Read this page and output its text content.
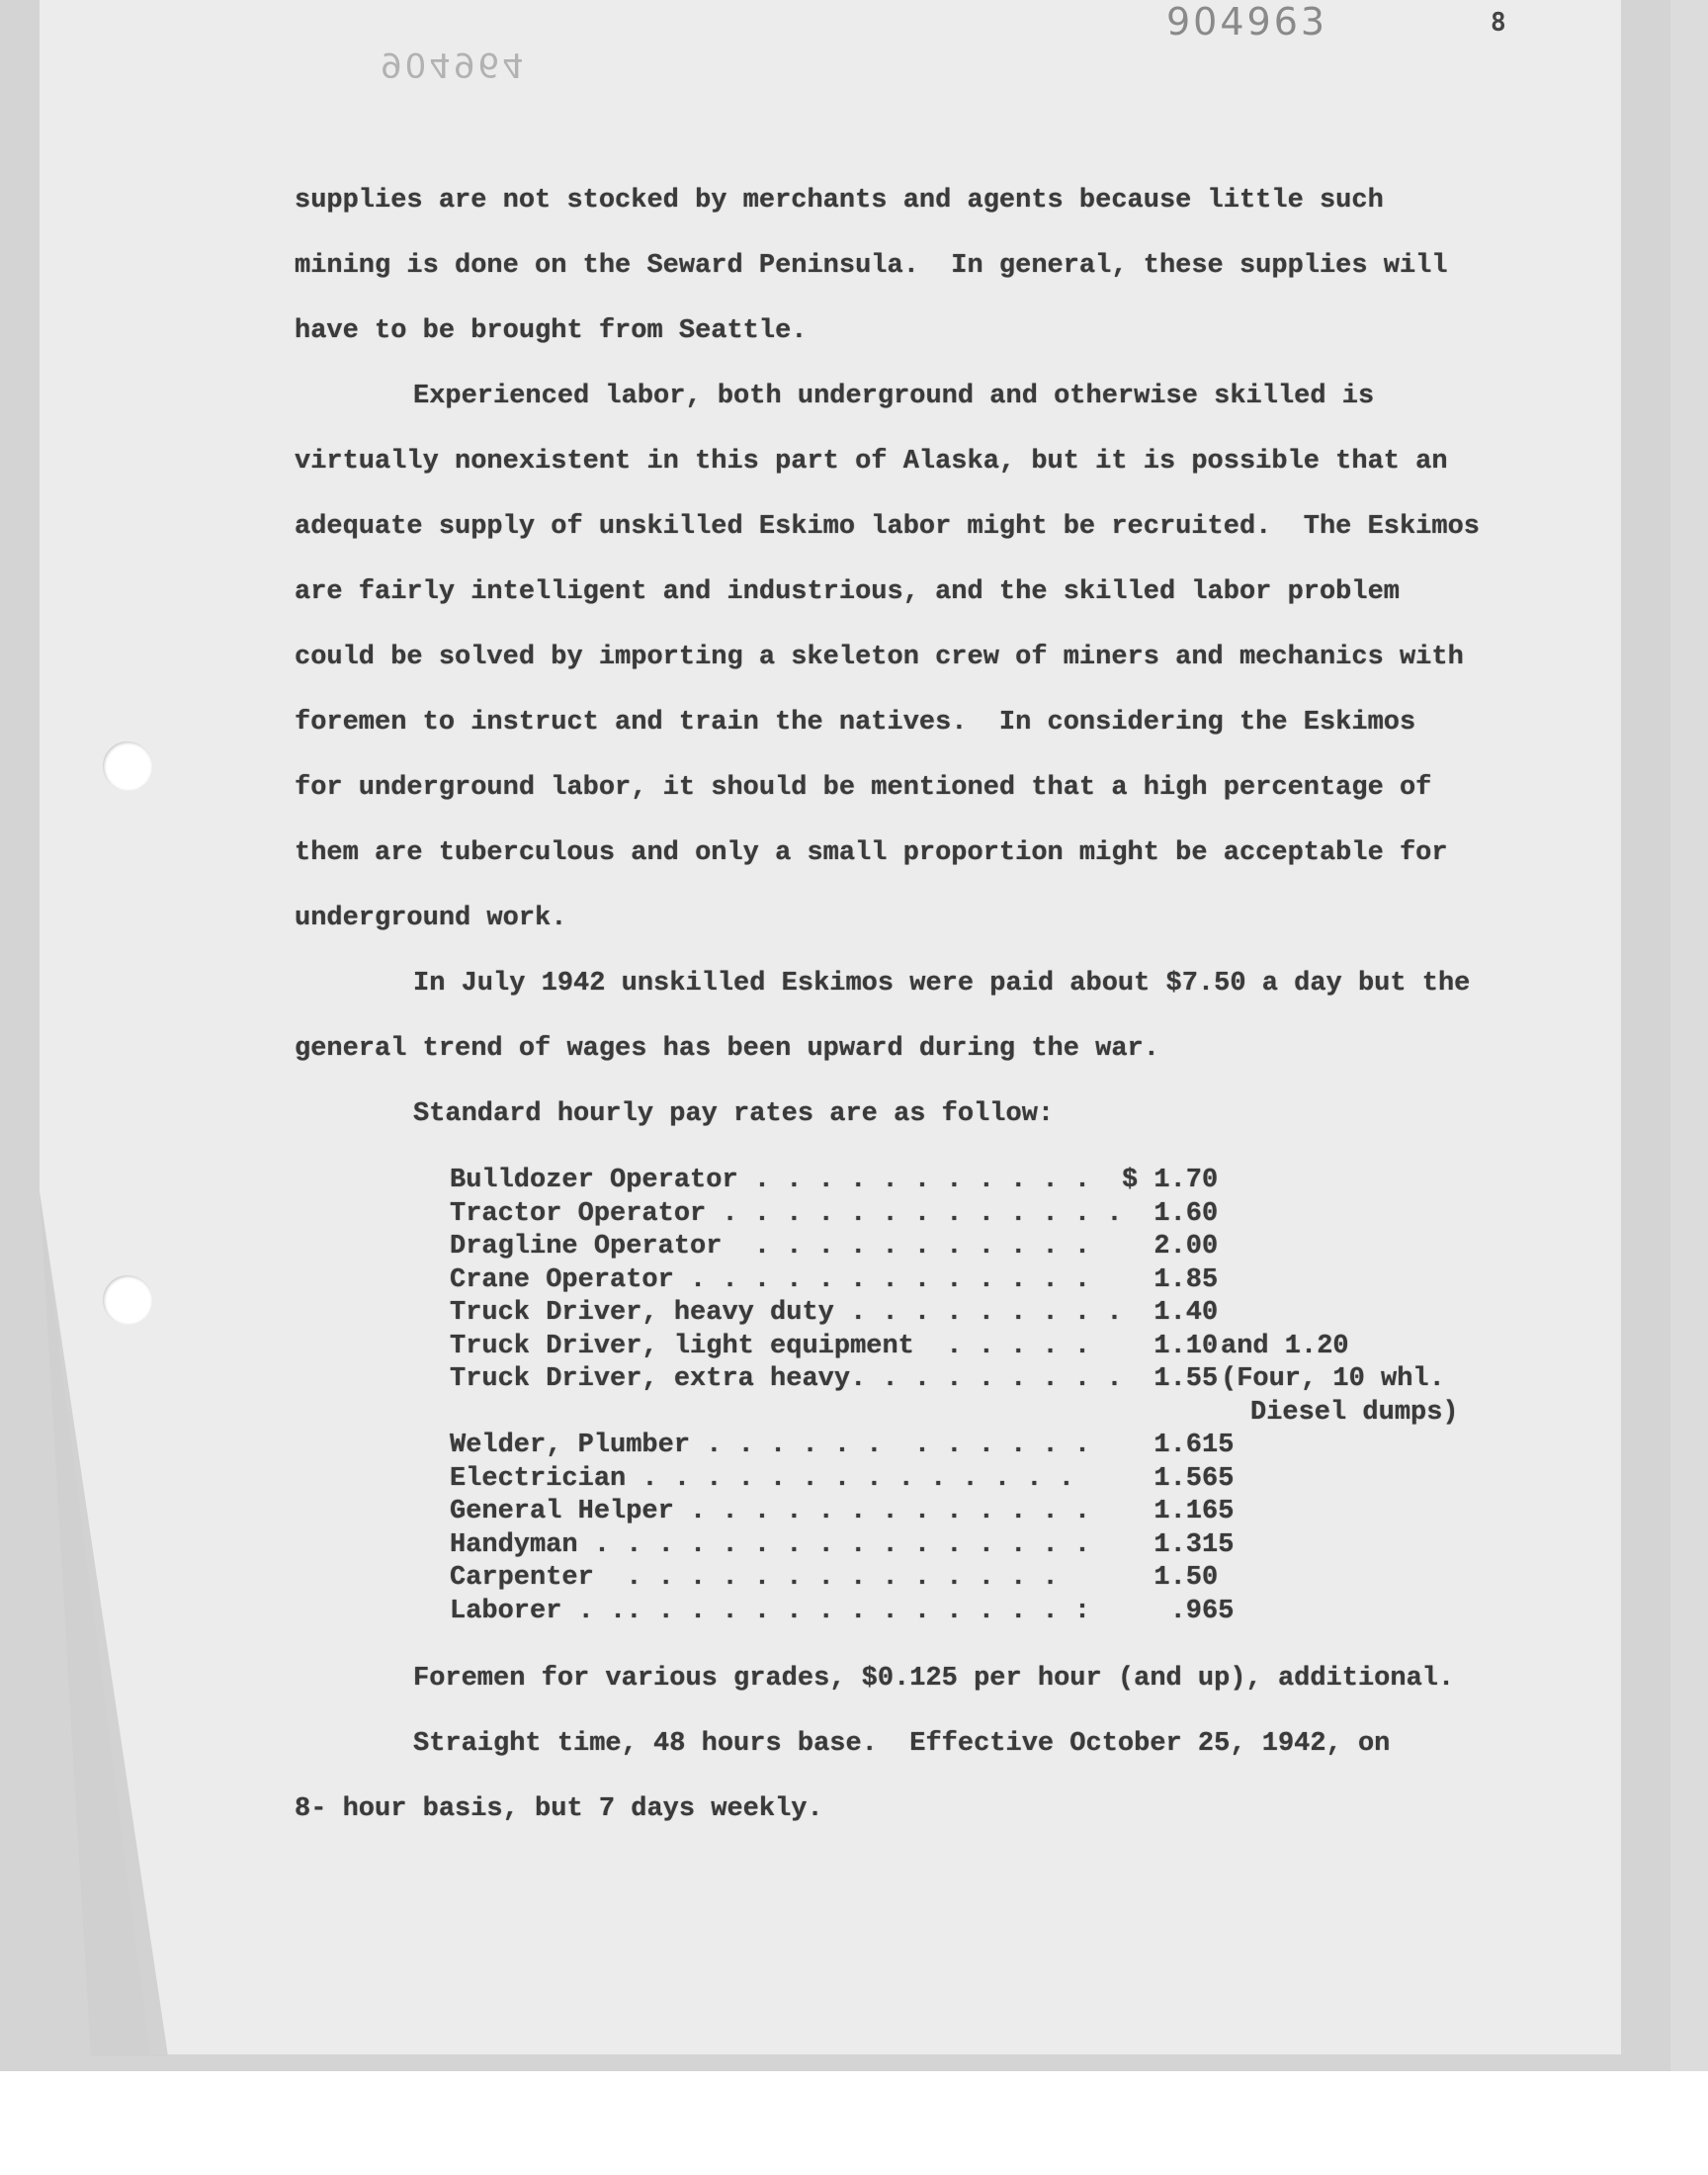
904963
904964
8
supplies are not stocked by merchants and agents because little such
mining is done on the Seward Peninsula.  In general, these supplies will
have to be brought from Seattle.
Experienced labor, both underground and otherwise skilled is
virtually nonexistent in this part of Alaska, but it is possible that an
adequate supply of unskilled Eskimo labor might be recruited.  The Eskimos
are fairly intelligent and industrious, and the skilled labor problem
could be solved by importing a skeleton crew of miners and mechanics with
foremen to instruct and train the natives.  In considering the Eskimos
for underground labor, it should be mentioned that a high percentage of
them are tuberculous and only a small proportion might be acceptable for
underground work.
In July 1942 unskilled Eskimos were paid about $7.50 a day but the
general trend of wages has been upward during the war.
Standard hourly pay rates are as follow:
Bulldozer Operator . . . . . . . . . . . $ 1.70
Tractor Operator . . . . . . . . . . . . . 1.60
Dragline Operator  . . . . . . . . . . . 2.00
Crane Operator . . . . . . . . . . . . . 1.85
Truck Driver, heavy duty . . . . . . . . . 1.40
Truck Driver, light equipment  . . . . . 1.10 and 1.20
Truck Driver, extra heavy. . . . . . . . . 1.55 (Four, 10 whl.
Diesel dumps)
Welder, Plumber . . . . . .  . . . . . . 1.615
Electrician . . . . . . . . . . . . . . 1.565
General Helper . . . . . . . . . . . . . 1.165
Handyman . . . . . . . . . . . . . . . . 1.315
Carpenter  . . . . . . . . . . . . . . 1.50
Laborer . .. . . . . . . . . . . . . . : .965
Foremen for various grades, $0.125 per hour (and up), additional.
Straight time, 48 hours base.  Effective October 25, 1942, on
8- hour basis, but 7 days weekly.
